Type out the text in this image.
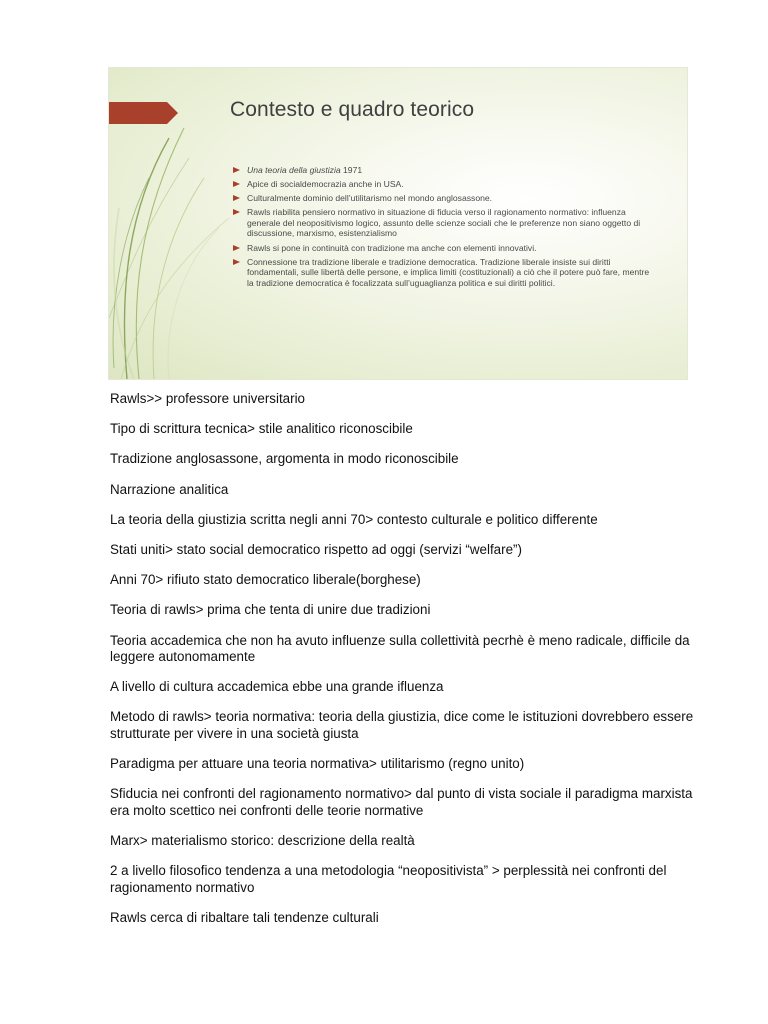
Contesto e quadro teorico
Una teoria della giustizia 1971
Apice di socialdemocrazia anche in USA.
Culturalmente dominio dell’utilitarismo nel mondo anglosassone.
Rawls riabilita pensiero normativo in situazione di fiducia verso il ragionamento normativo: influenza generale del neopositivismo logico, assunto delle scienze sociali che le preferenze non siano oggetto di discussione, marxismo, esistenzialismo
Rawls si pone in continuità con tradizione ma anche con elementi innovativi.
Connessione tra tradizione liberale e tradizione democratica. Tradizione liberale insiste sui diritti fondamentali, sulle libertà delle persone, e implica limiti (costituzionali) a ciò che il potere può fare, mentre la tradizione democratica è focalizzata sull’uguaglianza politica e sui diritti politici.

Rawls>> professore universitario

Tipo di scrittura tecnica> stile analitico riconoscibile

Tradizione anglosassone, argomenta in modo riconoscibile

Narrazione analitica

La teoria della giustizia scritta negli anni 70> contesto culturale e politico differente

Stati uniti> stato social democratico rispetto ad oggi (servizi “welfare”)

Anni 70> rifiuto stato democratico liberale(borghese)

Teoria di rawls> prima che tenta di unire due tradizioni

Teoria accademica che non ha avuto influenze sulla collettività pecrhè è meno radicale, difficile da leggere autonomamente

A livello di cultura accademica ebbe una grande ifluenza

Metodo di rawls> teoria normativa: teoria della giustizia, dice come le istituzioni dovrebbero essere strutturate per vivere in una società giusta

Paradigma per attuare una teoria normativa> utilitarismo (regno unito)

Sfiducia nei confronti del ragionamento normativo> dal punto di vista sociale il paradigma marxista era molto scettico nei confronti delle teorie normative

Marx> materialismo storico: descrizione della realtà

2 a livello filosofico tendenza a una metodologia “neopositivista” > perplessità nei confronti del ragionamento normativo

Rawls cerca di ribaltare tali tendenze culturali
